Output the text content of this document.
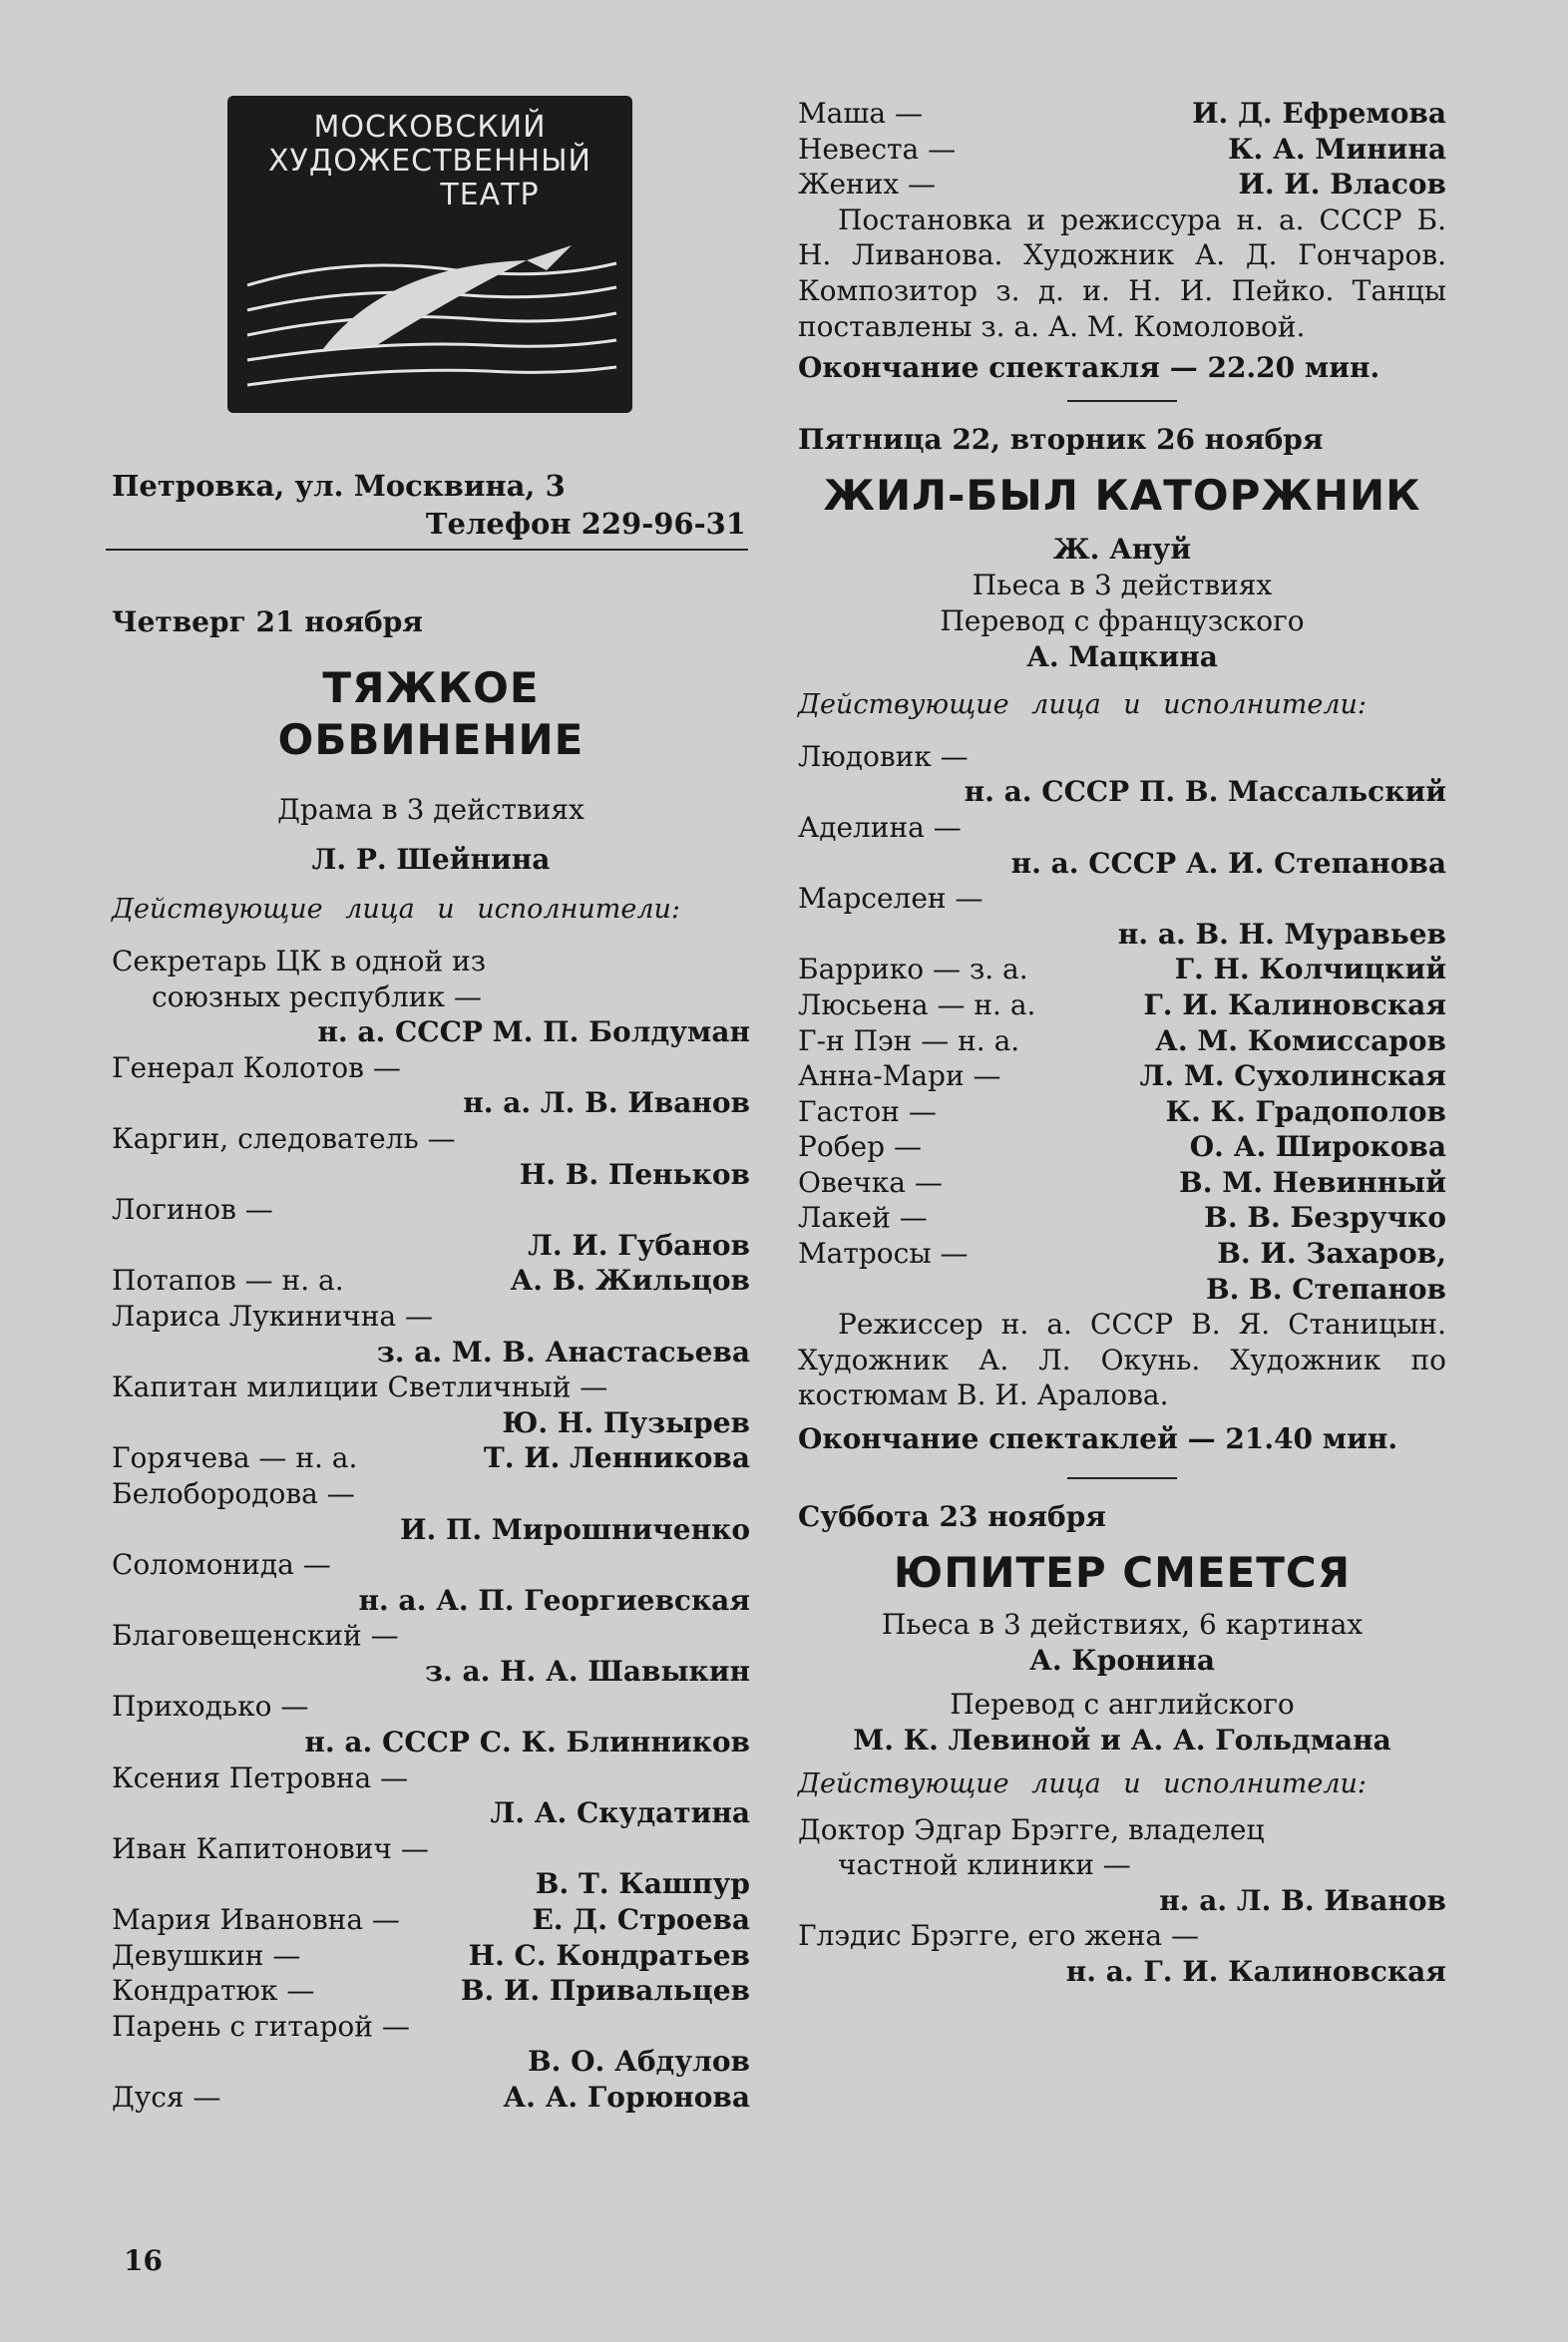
МОСКОВСКИЙ
ХУДОЖЕСТВЕННЫЙ
ТЕАТР
Петровка, ул. Москвина, 3
Телефон 229-96-31
Четверг 21 ноября
ТЯЖКОЕ
ОБВИНЕНИЕ
Драма в 3 действиях
Л. Р. Шейнина
Действующие лица и исполнители:
Секретарь ЦК в одной из
союзных республик —
н. а. СССР М. П. Болдуман
Генерал Колотов —
н. а. Л. В. Иванов
Каргин, следователь —
Н. В. Пеньков
Логинов —
Л. И. Губанов
Потапов — н. а.	А. В. Жильцов
Лариса Лукинична —
з. а. М. В. Анастасьева
Капитан милиции Светличный —
Ю. Н. Пузырев
Горячева — н. а.	Т. И. Ленникова
Белобородова —
И. П. Мирошниченко
Соломонида —
н. а. А. П. Георгиевская
Благовещенский —
з. а. Н. А. Шавыкин
Приходько —
н. а. СССР С. К. Блинников
Ксения Петровна —
Л. А. Скудатина
Иван Капитонович —
В. Т. Кашпур
Мария Ивановна —	Е. Д. Строева
Девушкин —	Н. С. Кондратьев
Кондратюк —	В. И. Привальцев
Парень с гитарой —
В. О. Абдулов
Дуся —	А. А. Горюнова
Маша —	И. Д. Ефремова
Невеста —	К. А. Минина
Жених —	И. И. Власов
Постановка и режиссура н. а. СССР Б. Н. Ливанова. Художник А. Д. Гончаров. Композитор з. д. и. Н. И. Пейко. Танцы поставлены з. а. А. М. Комоловой.
Окончание спектакля — 22.20 мин.
Пятница 22, вторник 26 ноября
ЖИЛ-БЫЛ КАТОРЖНИК
Ж. Ануй
Пьеса в 3 действиях
Перевод с французского
А. Мацкина
Действующие лица и исполнители:
Людовик —
н. а. СССР П. В. Массальский
Аделина —
н. а. СССР А. И. Степанова
Марселен —
н. а. В. Н. Муравьев
Баррико — з. а.	Г. Н. Колчицкий
Люсьена — н. а.	Г. И. Калиновская
Г-н Пэн — н. а.	А. М. Комиссаров
Анна-Мари —	Л. М. Сухолинская
Гастон —	К. К. Градополов
Робер —	О. А. Широкова
Овечка —	В. М. Невинный
Лакей —	В. В. Безручко
Матросы —	В. И. Захаров,
В. В. Степанов
Режиссер н. а. СССР В. Я. Станицын. Художник А. Л. Окунь. Художник по костюмам В. И. Аралова.
Окончание спектаклей — 21.40 мин.
Суббота 23 ноября
ЮПИТЕР СМЕЕТСЯ
Пьеса в 3 действиях, 6 картинах
А. Кронина
Перевод с английского
М. К. Левиной и А. А. Гольдмана
Действующие лица и исполнители:
Доктор Эдгар Брэгге, владелец
частной клиники —
н. а. Л. В. Иванов
Глэдис Брэгге, его жена —
н. а. Г. И. Калиновская
16
